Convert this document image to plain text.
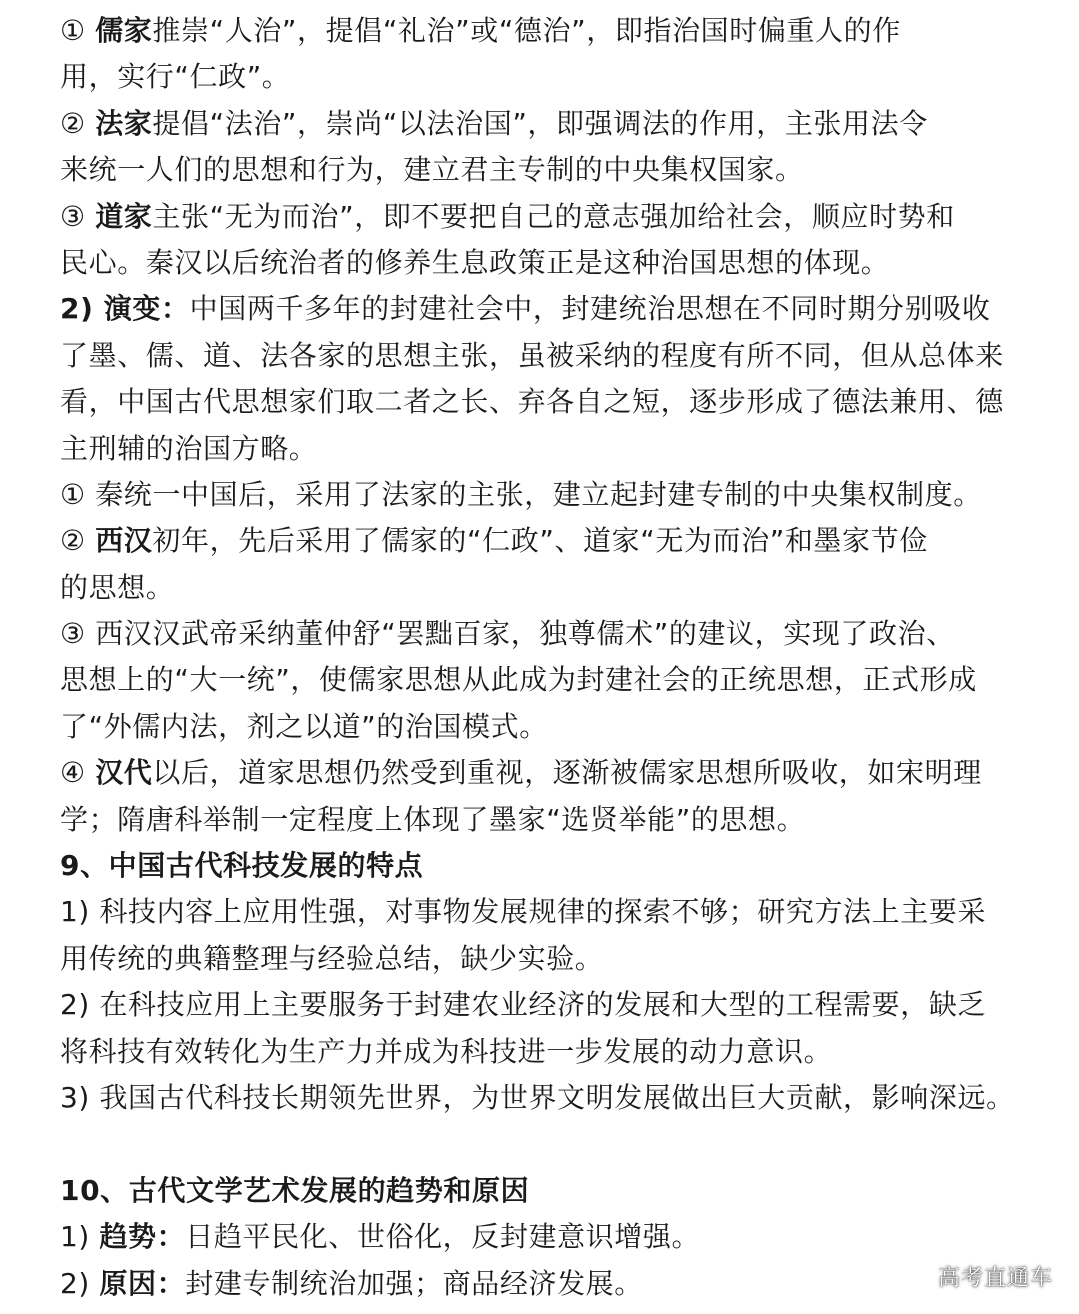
① 儒家推崇“人治”，提倡“礼治”或“德治”，即指治国时偏重人的作
用，实行“仁政”。
② 法家提倡“法治”，崇尚“以法治国”，即强调法的作用，主张用法令
来统一人们的思想和行为，建立君主专制的中央集权国家。
③ 道家主张“无为而治”，即不要把自己的意志强加给社会，顺应时势和
民心。秦汉以后统治者的修养生息政策正是这种治国思想的体现。
2) 演变：中国两千多年的封建社会中，封建统治思想在不同时期分别吸收
了墨、儒、道、法各家的思想主张，虽被采纳的程度有所不同，但从总体来
看，中国古代思想家们取二者之长、弃各自之短，逐步形成了德法兼用、德
主刑辅的治国方略。
① 秦统一中国后，采用了法家的主张，建立起封建专制的中央集权制度。
② 西汉初年，先后采用了儒家的“仁政”、道家“无为而治”和墨家节俭
的思想。
③ 西汉汉武帝采纳董仲舒“罢黜百家，独尊儒术”的建议，实现了政治、
思想上的“大一统”，使儒家思想从此成为封建社会的正统思想，正式形成
了“外儒内法，剂之以道”的治国模式。
④ 汉代以后，道家思想仍然受到重视，逐渐被儒家思想所吸收，如宋明理
学；隋唐科举制一定程度上体现了墨家“选贤举能”的思想。
9、中国古代科技发展的特点
1) 科技内容上应用性强，对事物发展规律的探索不够；研究方法上主要采
用传统的典籍整理与经验总结，缺少实验。
2) 在科技应用上主要服务于封建农业经济的发展和大型的工程需要，缺乏
将科技有效转化为生产力并成为科技进一步发展的动力意识。
3) 我国古代科技长期领先世界，为世界文明发展做出巨大贡献，影响深远。
10、古代文学艺术发展的趋势和原因
1) 趋势：日趋平民化、世俗化，反封建意识增强。
2) 原因：封建专制统治加强；商品经济发展。	高考直通车
